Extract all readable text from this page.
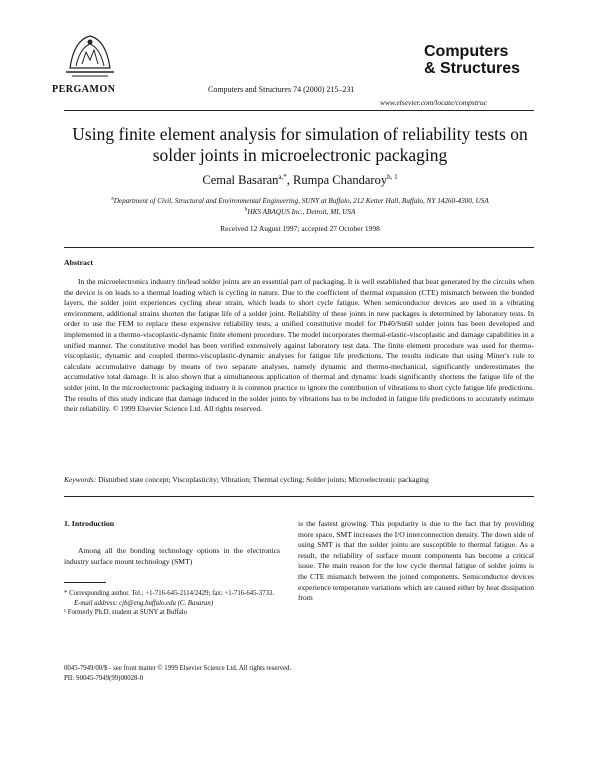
PERGAMON	Computers and Structures 74 (2000) 215–231
Computers
& Structures
www.elsevier.com/locate/compstruc
Using finite element analysis for simulation of reliability tests on solder joints in microelectronic packaging
Cemal Basaran$^{a,*}$, Rumpa Chandaroy$^{b, 1}$
$^a$Department of Civil, Structural and Environmental Engineering, SUNY at Buffalo, 212 Ketter Hall, Buffalo, NY 14260-4300, USA
$^b$HKS ABAQUS Inc., Detroit, MI, USA
Received 12 August 1997; accepted 27 October 1998
Abstract
In the microelectronics industry tin/lead solder joints are an essential part of packaging. It is well established that heat generated by the circuits when the device is on leads to a thermal loading which is cycling in nature. Due to the coefficient of thermal expansion (CTE) mismatch between the bonded layers, the solder joint experiences cycling shear strain, which leads to short cycle fatigue. When semiconductor devices are used in a vibrating environment, additional strains shorten the fatigue life of a solder joint. Reliability of these joints in new packages is determined by laboratory tests. In order to use the FEM to replace these expensive reliability tests, a unified constitutive model for Pb40/Sn60 solder joints has been developed and implemented in a thermo-viscoplastic-dynamic finite element procedure. The model incorporates thermal-elastic-viscoplastic and damage capabilities in a unified manner. The constitutive model has been verified extensively against laboratory test data. The finite element procedure was used for thermo-viscoplastic, dynamic and coupled thermo-viscoplastic-dynamic analyses for fatigue life predictions. The results indicate that using Miner's rule to calculate accumulative damage by means of two separate analyses, namely dynamic and thermo-mechanical, significantly underestimates the accumulative total damage. It is also shown that a simultaneous application of thermal and dynamic loads significantly shortens the fatigue life of the solder joint. In the microelectronic packaging industry it is common practice to ignore the contribution of vibrations to short cycle fatigue life predictions. The results of this study indicate that damage induced in the solder joints by vibrations has to be included in fatigue life predictions to accurately estimate their reliability. © 1999 Elsevier Science Ltd. All rights reserved.
Keywords: Disturbed state concept; Viscoplasticity; Vibration; Thermal cycling; Solder joints; Microelectronic packaging
1. Introduction
Among all the bonding technology options in the electronics industry surface mount technology (SMT)

* Corresponding author. Tel.: +1-716-645-2114/2429; fax: +1-716-645-3733.

E-mail address: cjb@eng.buffalo.edu (C. Basaran)

¹ Formerly Ph.D. student at SUNY at Buffalo

is the fastest growing. This popularity is due to the fact that by providing more space, SMT increases the I/O interconnection density. The down side of using SMT is that the solder joints are susceptible to thermal fatigue. As a result, the reliability of surface mount components has become a critical issue. The main reason for the low cycle thermal fatigue of solder joints is the CTE mismatch between the joined components. Semiconductor devices experience temperature variations which are caused either by heat dissipation from

0045-7949/00/$ - see front matter © 1999 Elsevier Science Ltd. All rights reserved.

PII: S0045-7949(99)00028-0
